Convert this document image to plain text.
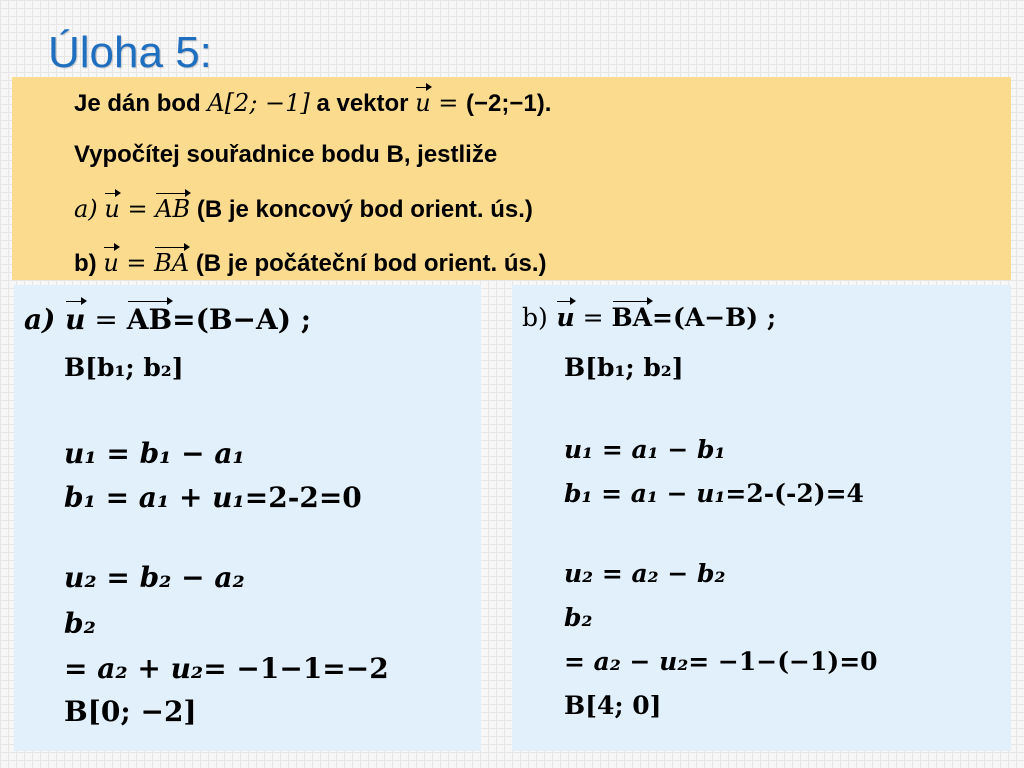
Úloha 5:
Je dán bod A[2; −1] a vektor u = (−2;−1).
Vypočítej souřadnice bodu B, jestliže
a) u = AB (B je koncový bod orient. ús.)
b) u = BA (B je počáteční bod orient. ús.)
a) u = AB=(B−A) ;
B[b₁; b₂]
u₁ = b₁ − a₁
b₁ = a₁ + u₁=2-2=0
u₂ = b₂ − a₂
b₂
= a₂ + u₂= −1−1=−2
B[0; −2]
b) u = BA=(A−B) ;
B[b₁; b₂]
u₁ = a₁ − b₁
b₁ = a₁ − u₁=2-(-2)=4
u₂ = a₂ − b₂
b₂
= a₂ − u₂= −1−(−1)=0
B[4; 0]
